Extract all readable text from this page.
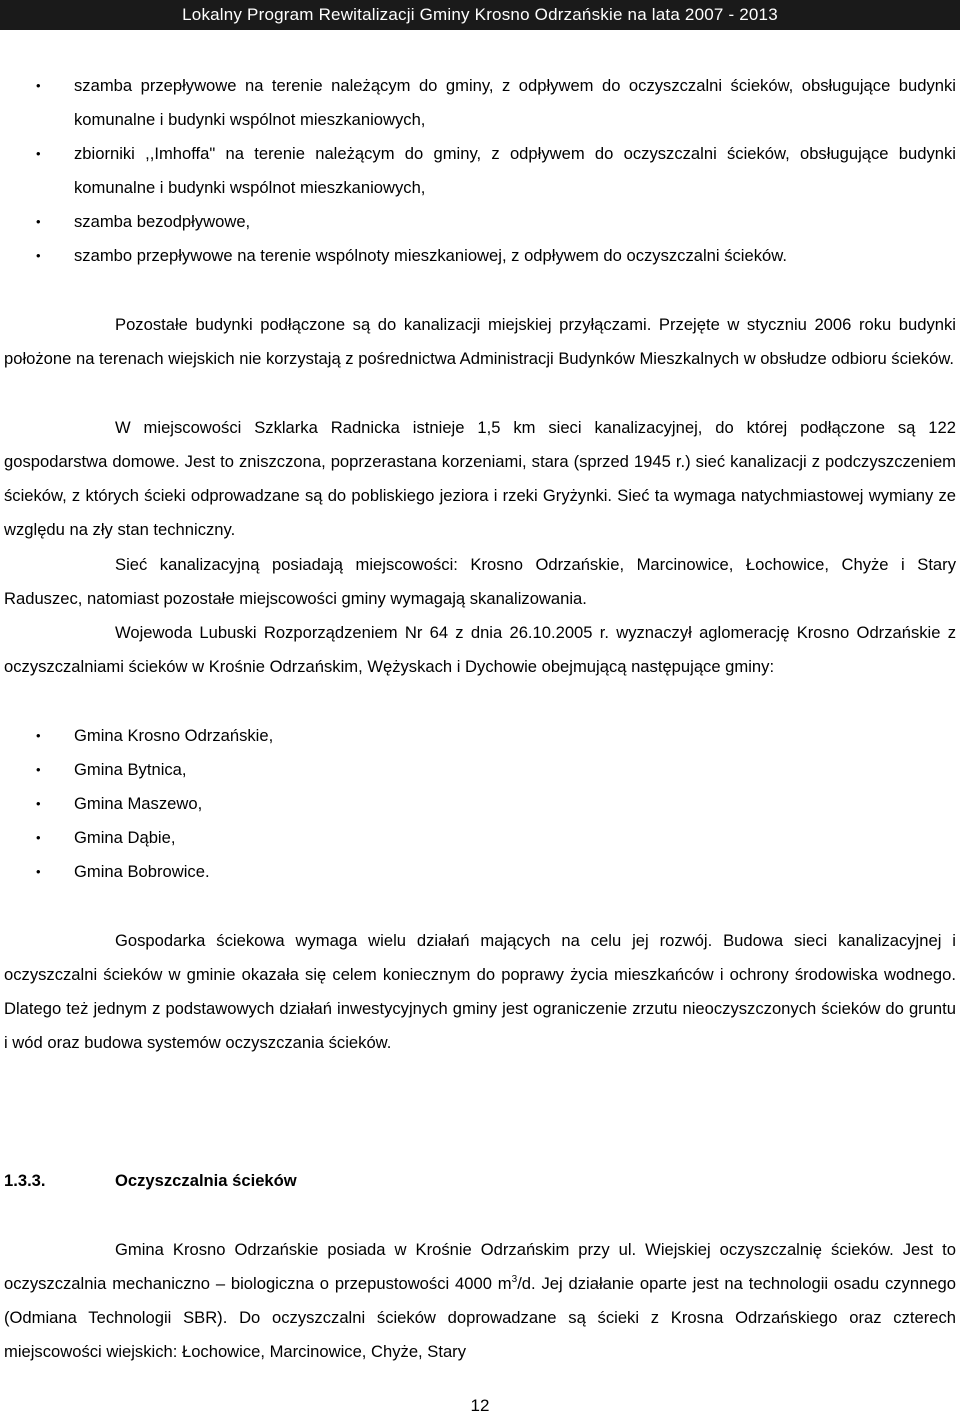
Lokalny Program Rewitalizacji Gminy Krosno Odrzańskie na lata 2007 - 2013
• szamba przepływowe na terenie należącym do gminy, z odpływem do oczyszczalni ścieków, obsługujące budynki komunalne i budynki wspólnot mieszkaniowych,
• zbiorniki ,,Imhoffa" na terenie należącym do gminy, z odpływem do oczyszczalni ścieków, obsługujące budynki komunalne i budynki wspólnot mieszkaniowych,
• szamba bezodpływowe,
• szambo przepływowe na terenie wspólnoty mieszkaniowej, z odpływem do oczyszczalni ścieków.

Pozostałe budynki podłączone są do kanalizacji miejskiej przyłączami. Przejęte w styczniu 2006 roku budynki położone na terenach wiejskich nie korzystają z pośrednictwa Administracji Budynków Mieszkalnych w obsłudze odbioru ścieków.

W miejscowości Szklarka Radnicka istnieje 1,5 km sieci kanalizacyjnej, do której podłączone są 122 gospodarstwa domowe. Jest to zniszczona, poprzerastana korzeniami, stara (sprzed 1945 r.) sieć kanalizacji z podczyszczeniem ścieków, z których ścieki odprowadzane są do pobliskiego jeziora i rzeki Gryżynki. Sieć ta wymaga natychmiastowej wymiany ze względu na zły stan techniczny.

Sieć kanalizacyjną posiadają miejscowości: Krosno Odrzańskie, Marcinowice, Łochowice, Chyże i Stary Raduszec, natomiast pozostałe miejscowości gminy wymagają skanalizowania.

Wojewoda Lubuski Rozporządzeniem Nr 64 z dnia 26.10.2005 r. wyznaczył aglomerację Krosno Odrzańskie z oczyszczalniami ścieków w Krośnie Odrzańskim, Wężyskach i Dychowie obejmującą następujące gminy:

• Gmina Krosno Odrzańskie,
• Gmina Bytnica,
• Gmina Maszewo,
• Gmina Dąbie,
• Gmina Bobrowice.

Gospodarka ściekowa wymaga wielu działań mających na celu jej rozwój. Budowa sieci kanalizacyjnej i oczyszczalni ścieków w gminie okazała się celem koniecznym do poprawy życia mieszkańców i ochrony środowiska wodnego. Dlatego też jednym z podstawowych działań inwestycyjnych gminy jest ograniczenie zrzutu nieoczyszczonych ścieków do gruntu i wód oraz budowa systemów oczyszczania ścieków.

1.3.3.	Oczyszczalnia ścieków

Gmina Krosno Odrzańskie posiada w Krośnie Odrzańskim przy ul. Wiejskiej oczyszczalnię ścieków. Jest to oczyszczalnia mechaniczno – biologiczna o przepustowości 4000 $m^3/d$. Jej działanie oparte jest na technologii osadu czynnego (Odmiana Technologii SBR). Do oczyszczalni ścieków doprowadzane są ścieki z Krosna Odrzańskiego oraz czterech miejscowości wiejskich: Łochowice, Marcinowice, Chyże, Stary

12
